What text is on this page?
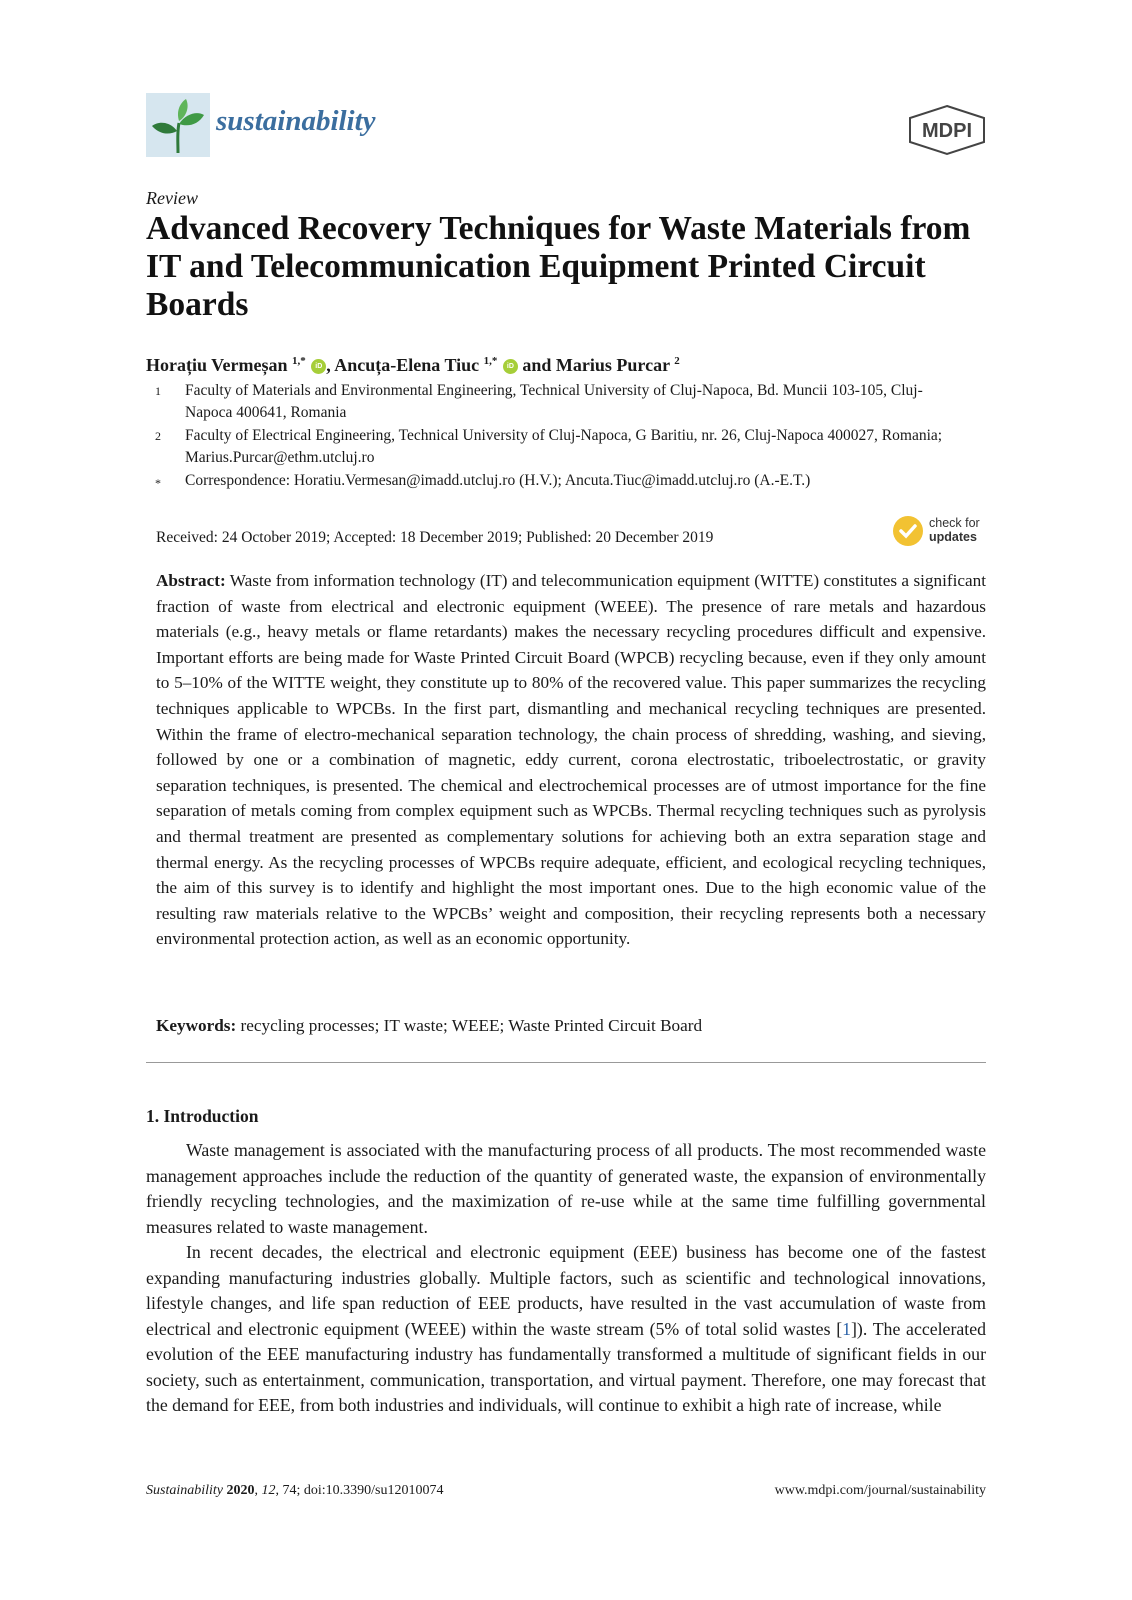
sustainability	MDPI
Review
Advanced Recovery Techniques for Waste Materials from IT and Telecommunication Equipment Printed Circuit Boards
Horațiu Vermeșan $^{1,*}$ iD , Ancuța-Elena Tiuc $^{1,*}$ iD and Marius Purcar $^2$
1 Faculty of Materials and Environmental Engineering, Technical University of Cluj-Napoca, Bd. Muncii 103-105, Cluj-Napoca 400641, Romania
2 Faculty of Electrical Engineering, Technical University of Cluj-Napoca, G Baritiu, nr. 26, Cluj-Napoca 400027, Romania; Marius.Purcar@ethm.utcluj.ro
* Correspondence: Horatiu.Vermesan@imadd.utcluj.ro (H.V.); Ancuta.Tiuc@imadd.utcluj.ro (A.-E.T.)
Received: 24 October 2019; Accepted: 18 December 2019; Published: 20 December 2019
check for
updates
Abstract: Waste from information technology (IT) and telecommunication equipment (WITTE) constitutes a significant fraction of waste from electrical and electronic equipment (WEEE). The presence of rare metals and hazardous materials (e.g., heavy metals or flame retardants) makes the necessary recycling procedures difficult and expensive. Important efforts are being made for Waste Printed Circuit Board (WPCB) recycling because, even if they only amount to 5–10% of the WITTE weight, they constitute up to 80% of the recovered value. This paper summarizes the recycling techniques applicable to WPCBs. In the first part, dismantling and mechanical recycling techniques are presented. Within the frame of electro-mechanical separation technology, the chain process of shredding, washing, and sieving, followed by one or a combination of magnetic, eddy current, corona electrostatic, triboelectrostatic, or gravity separation techniques, is presented. The chemical and electrochemical processes are of utmost importance for the fine separation of metals coming from complex equipment such as WPCBs. Thermal recycling techniques such as pyrolysis and thermal treatment are presented as complementary solutions for achieving both an extra separation stage and thermal energy. As the recycling processes of WPCBs require adequate, efficient, and ecological recycling techniques, the aim of this survey is to identify and highlight the most important ones. Due to the high economic value of the resulting raw materials relative to the WPCBs’ weight and composition, their recycling represents both a necessary environmental protection action, as well as an economic opportunity.
Keywords: recycling processes; IT waste; WEEE; Waste Printed Circuit Board
1. Introduction
Waste management is associated with the manufacturing process of all products. The most recommended waste management approaches include the reduction of the quantity of generated waste, the expansion of environmentally friendly recycling technologies, and the maximization of re-use while at the same time fulfilling governmental measures related to waste management.
In recent decades, the electrical and electronic equipment (EEE) business has become one of the fastest expanding manufacturing industries globally. Multiple factors, such as scientific and technological innovations, lifestyle changes, and life span reduction of EEE products, have resulted in the vast accumulation of waste from electrical and electronic equipment (WEEE) within the waste stream (5% of total solid wastes [1]). The accelerated evolution of the EEE manufacturing industry has fundamentally transformed a multitude of significant fields in our society, such as entertainment, communication, transportation, and virtual payment. Therefore, one may forecast that the demand for EEE, from both industries and individuals, will continue to exhibit a high rate of increase, while
Sustainability 2020, 12, 74; doi:10.3390/su12010074	www.mdpi.com/journal/sustainability
